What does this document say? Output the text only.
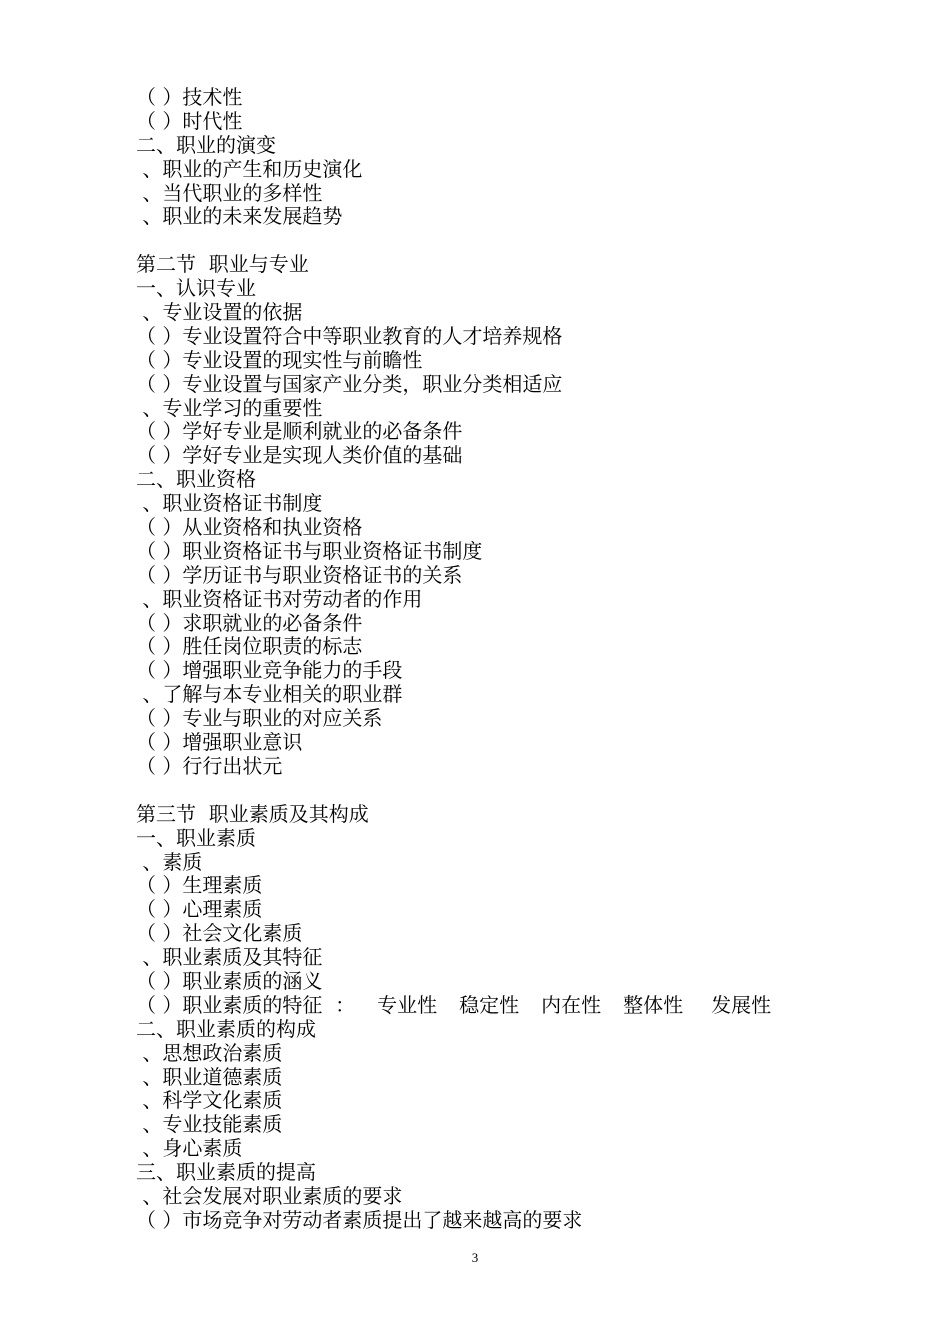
（ ）技术性
（ ）时代性
二、职业的演变
、职业的产生和历史演化
、当代职业的多样性
、职业的未来发展趋势
第二节  职业与专业
一、认识专业
、专业设置的依据
（ ）专业设置符合中等职业教育的人才培养规格
（ ）专业设置的现实性与前瞻性
（ ）专业设置与国家产业分类，职业分类相适应
、专业学习的重要性
（ ）学好专业是顺利就业的必备条件
（ ）学好专业是实现人类价值的基础
二、职业资格
、职业资格证书制度
（ ）从业资格和执业资格
（ ）职业资格证书与职业资格证书制度
（ ）学历证书与职业资格证书的关系
、职业资格证书对劳动者的作用
（ ）求职就业的必备条件
（ ）胜任岗位职责的标志
（ ）增强职业竞争能力的手段
、了解与本专业相关的职业群
（ ）专业与职业的对应关系
（ ）增强职业意识
（ ）行行出状元
第三节  职业素质及其构成
一、职业素质
、素质
（ ）生理素质
（ ）心理素质
（ ）社会文化素质
、职业素质及其特征
（ ）职业素质的涵义
（ ）职业素质的特征  ： 专业性 稳定性 内在性 整体性 发展性
二、职业素质的构成
、思想政治素质
、职业道德素质
、科学文化素质
、专业技能素质
、身心素质
三、职业素质的提高
、社会发展对职业素质的要求
（ ）市场竞争对劳动者素质提出了越来越高的要求
3
